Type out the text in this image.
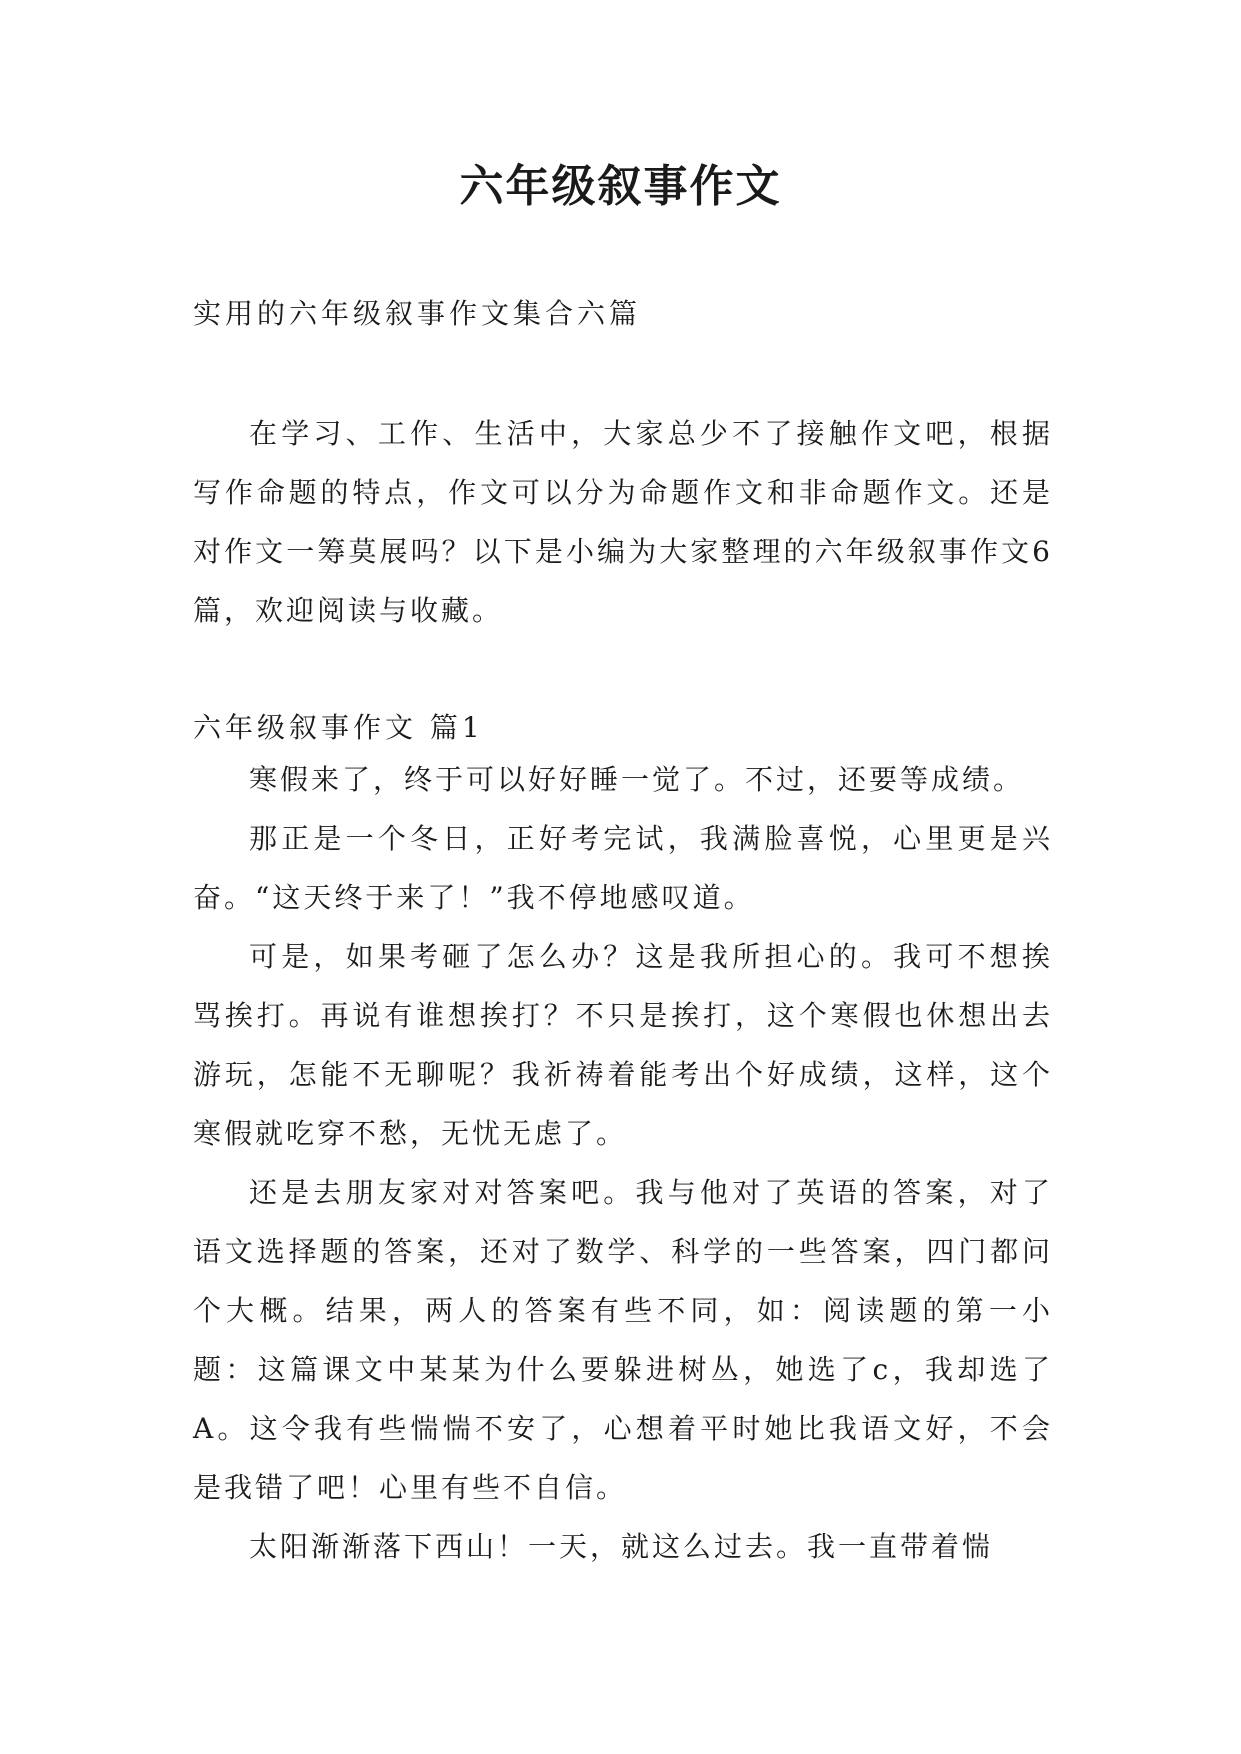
六年级叙事作文
实用的六年级叙事作文集合六篇

在学习、工作、生活中，大家总少不了接触作文吧，根据写作命题的特点，作文可以分为命题作文和非命题作文。还是对作文一筹莫展吗？以下是小编为大家整理的六年级叙事作文6篇，欢迎阅读与收藏。

六年级叙事作文 篇1

寒假来了，终于可以好好睡一觉了。不过，还要等成绩。

那正是一个冬日，正好考完试，我满脸喜悦，心里更是兴奋。“这天终于来了！”我不停地感叹道。

可是，如果考砸了怎么办？这是我所担心的。我可不想挨骂挨打。再说有谁想挨打？不只是挨打，这个寒假也休想出去游玩，怎能不无聊呢？我祈祷着能考出个好成绩，这样，这个寒假就吃穿不愁，无忧无虑了。

还是去朋友家对对答案吧。我与他对了英语的答案，对了语文选择题的答案，还对了数学、科学的一些答案，四门都问个大概。结果，两人的答案有些不同，如：阅读题的第一小题：这篇课文中某某为什么要躲进树丛，她选了c，我却选了A。这令我有些惴惴不安了，心想着平时她比我语文好，不会是我错了吧！心里有些不自信。

太阳渐渐落下西山！一天，就这么过去。我一直带着惴
